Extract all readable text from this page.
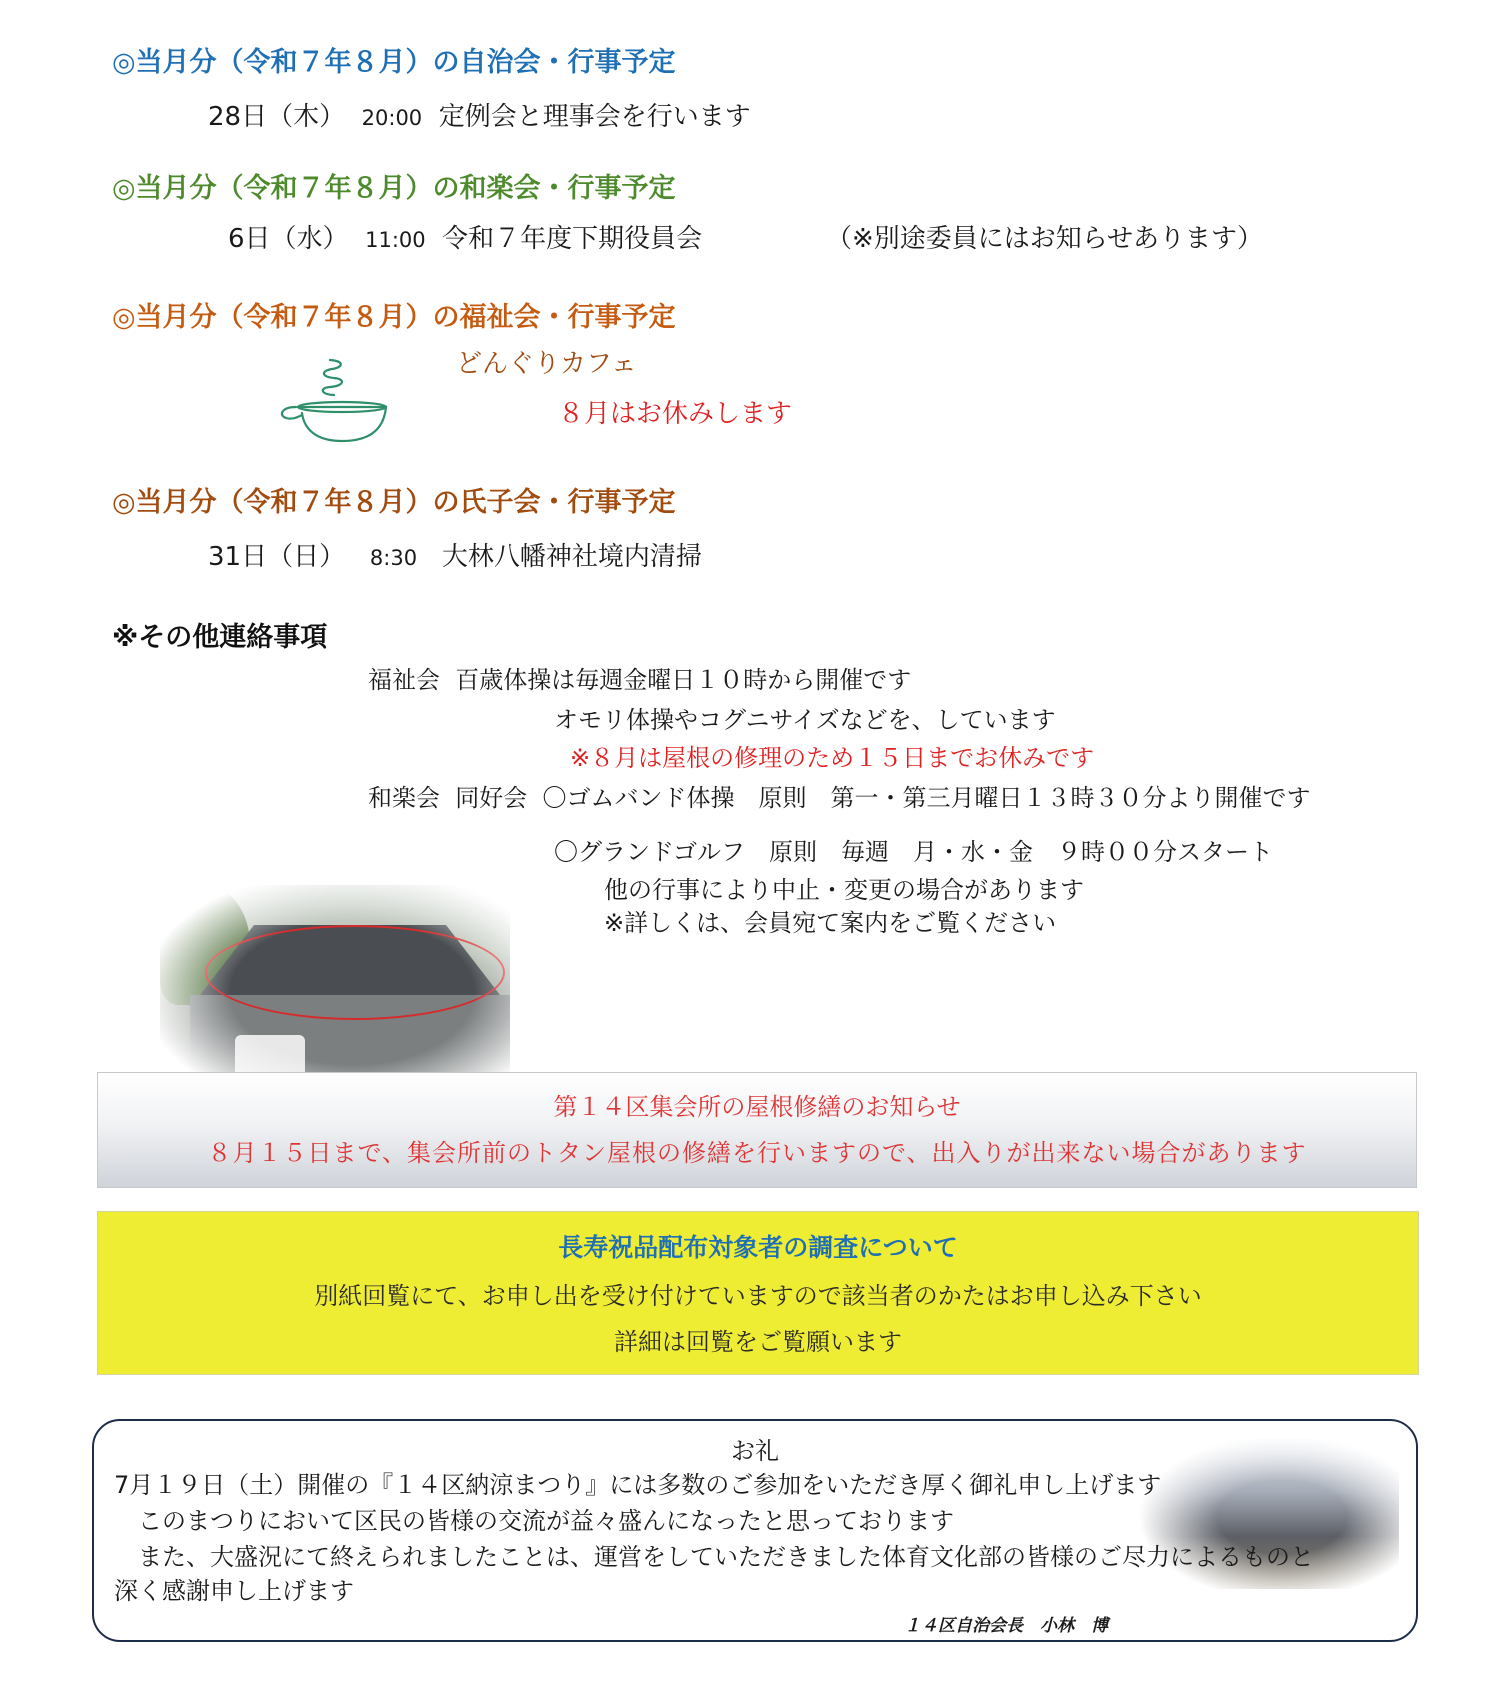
◎当月分（令和７年８月）の自治会・行事予定
28日（木） 20:00 定例会と理事会を行います
◎当月分（令和７年８月）の和楽会・行事予定
6日（水） 11:00 令和７年度下期役員会	（※別途委員にはお知らせあります）
◎当月分（令和７年８月）の福祉会・行事予定
どんぐりカフェ
８月はお休みします
◎当月分（令和７年８月）の氏子会・行事予定
31日（日） 8:30 大林八幡神社境内清掃
※その他連絡事項
福祉会 百歳体操は毎週金曜日１０時から開催です
オモリ体操やコグニサイズなどを、しています
※８月は屋根の修理のため１５日までお休みです
和楽会 同好会 〇ゴムバンド体操　原則　第一・第三月曜日１３時３０分より開催です
〇グランドゴルフ　原則　毎週　月・水・金　９時００分スタート
他の行事により中止・変更の場合があります
※詳しくは、会員宛て案内をご覧ください
第１４区集会所の屋根修繕のお知らせ
８月１５日まで、集会所前のトタン屋根の修繕を行いますので、出入りが出来ない場合があります
長寿祝品配布対象者の調査について
別紙回覧にて、お申し出を受け付けていますので該当者のかたはお申し込み下さい
詳細は回覧をご覧願います
お礼
7月１９日（土）開催の『１４区納涼まつり』には多数のご参加をいただき厚く御礼申し上げます
このまつりにおいて区民の皆様の交流が益々盛んになったと思っております
また、大盛況にて終えられましたことは、運営をしていただきました体育文化部の皆様のご尽力によるものと
深く感謝申し上げます
１４区自治会長　小林　博
